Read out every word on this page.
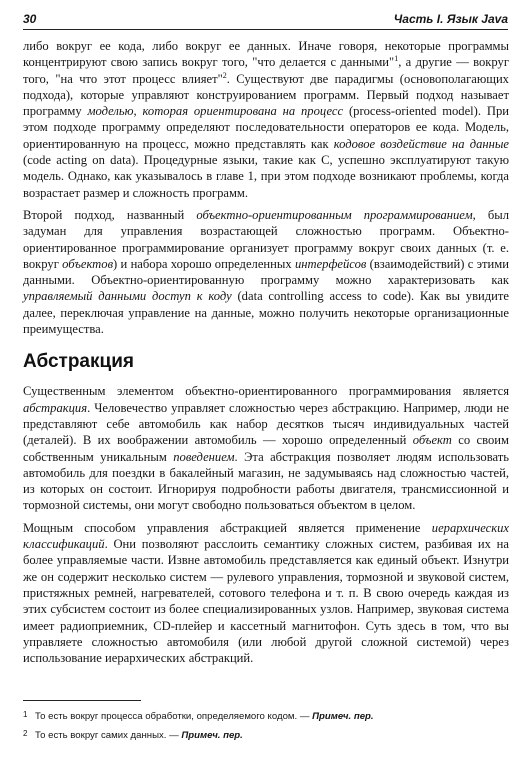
30	Часть I. Язык Java

либо вокруг ее кода, либо вокруг ее данных. Иначе говоря, некоторые программы концентрируют свою запись вокруг того, "что делается с данными"$^1$, а другие — вокруг того, "на что этот процесс влияет"$^2$. Существуют две парадигмы (основополагающих подхода), которые управляют конструированием программ. Первый подход называет программу моделью, которая ориентирована на процесс (process-oriented model). При этом подходе программу определяют последовательности операторов ее кода. Модель, ориентированную на процесс, можно представлять как кодовое воздействие на данные (code acting on data). Процедурные языки, такие как C, успешно эксплуатируют такую модель. Однако, как указывалось в главе 1, при этом подходе возникают проблемы, когда возрастает размер и сложность программ.

Второй подход, названный объектно-ориентированным программированием, был задуман для управления возрастающей сложностью программ. Объектно-ориентированное программирование организует программу вокруг своих данных (т. е. вокруг объектов) и набора хорошо определенных интерфейсов (взаимодействий) с этими данными. Объектно-ориентированную программу можно характеризовать как управляемый данными доступ к коду (data controlling access to code). Как вы увидите далее, переключая управление на данные, можно получить некоторые организационные преимущества.

Абстракция

Существенным элементом объектно-ориентированного программирования является абстракция. Человечество управляет сложностью через абстракцию. Например, люди не представляют себе автомобиль как набор десятков тысяч индивидуальных частей (деталей). В их воображении автомобиль — хорошо определенный объект со своим собственным уникальным поведением. Эта абстракция позволяет людям использовать автомобиль для поездки в бакалейный магазин, не задумываясь над сложностью частей, из которых он состоит. Игнорируя подробности работы двигателя, трансмиссионной и тормозной системы, они могут свободно пользоваться объектом в целом.

Мощным способом управления абстракцией является применение иерархических классификаций. Они позволяют расслоить семантику сложных систем, разбивая их на более управляемые части. Извне автомобиль представляется как единый объект. Изнутри же он содержит несколько систем — рулевого управления, тормозной и звуковой систем, пристяжных ремней, нагревателей, сотового телефона и т. п. В свою очередь каждая из этих субсистем состоит из более специализированных узлов. Например, звуковая система имеет радиоприемник, CD-плейер и кассетный магнитофон. Суть здесь в том, что вы управляете сложностью автомобиля (или любой другой сложной системой) через использование иерархических абстракций.

1 То есть вокруг процесса обработки, определяемого кодом. — Примеч. пер.
2 То есть вокруг самих данных. — Примеч. пер.
